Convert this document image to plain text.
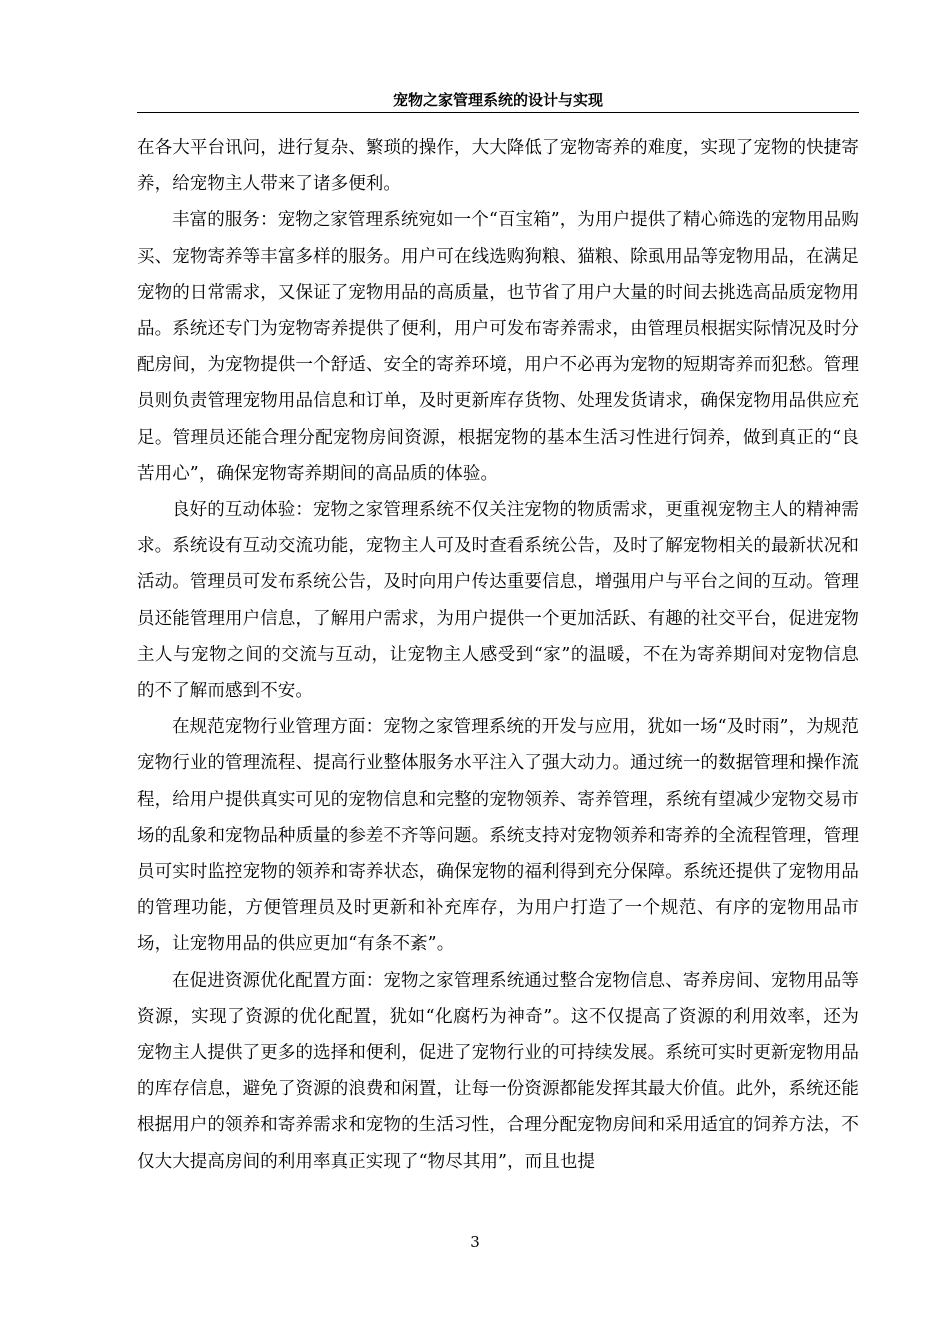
宠物之家管理系统的设计与实现

在各大平台讯问，进行复杂、繁琐的操作，大大降低了宠物寄养的难度，实现了宠物的快捷寄养，给宠物主人带来了诸多便利。

丰富的服务：宠物之家管理系统宛如一个“百宝箱”，为用户提供了精心筛选的宠物用品购买、宠物寄养等丰富多样的服务。用户可在线选购狗粮、猫粮、除虱用品等宠物用品，在满足宠物的日常需求，又保证了宠物用品的高质量，也节省了用户大量的时间去挑选高品质宠物用品。系统还专门为宠物寄养提供了便利，用户可发布寄养需求，由管理员根据实际情况及时分配房间，为宠物提供一个舒适、安全的寄养环境，用户不必再为宠物的短期寄养而犯愁。管理员则负责管理宠物用品信息和订单，及时更新库存货物、处理发货请求，确保宠物用品供应充足。管理员还能合理分配宠物房间资源，根据宠物的基本生活习性进行饲养，做到真正的“良苦用心”，确保宠物寄养期间的高品质的体验。

良好的互动体验：宠物之家管理系统不仅关注宠物的物质需求，更重视宠物主人的精神需求。系统设有互动交流功能，宠物主人可及时查看系统公告，及时了解宠物相关的最新状况和活动。管理员可发布系统公告，及时向用户传达重要信息，增强用户与平台之间的互动。管理员还能管理用户信息，了解用户需求，为用户提供一个更加活跃、有趣的社交平台，促进宠物主人与宠物之间的交流与互动，让宠物主人感受到“家”的温暖，不在为寄养期间对宠物信息的不了解而感到不安。

在规范宠物行业管理方面：宠物之家管理系统的开发与应用，犹如一场“及时雨”，为规范宠物行业的管理流程、提高行业整体服务水平注入了强大动力。通过统一的数据管理和操作流程，给用户提供真实可见的宠物信息和完整的宠物领养、寄养管理，系统有望减少宠物交易市场的乱象和宠物品种质量的参差不齐等问题。系统支持对宠物领养和寄养的全流程管理，管理员可实时监控宠物的领养和寄养状态，确保宠物的福利得到充分保障。系统还提供了宠物用品的管理功能，方便管理员及时更新和补充库存，为用户打造了一个规范、有序的宠物用品市场，让宠物用品的供应更加“有条不紊”。

在促进资源优化配置方面：宠物之家管理系统通过整合宠物信息、寄养房间、宠物用品等资源，实现了资源的优化配置，犹如“化腐朽为神奇”。这不仅提高了资源的利用效率，还为宠物主人提供了更多的选择和便利，促进了宠物行业的可持续发展。系统可实时更新宠物用品的库存信息，避免了资源的浪费和闲置，让每一份资源都能发挥其最大价值。此外，系统还能根据用户的领养和寄养需求和宠物的生活习性，合理分配宠物房间和采用适宜的饲养方法，不仅大大提高房间的利用率真正实现了“物尽其用”，而且也提

3
